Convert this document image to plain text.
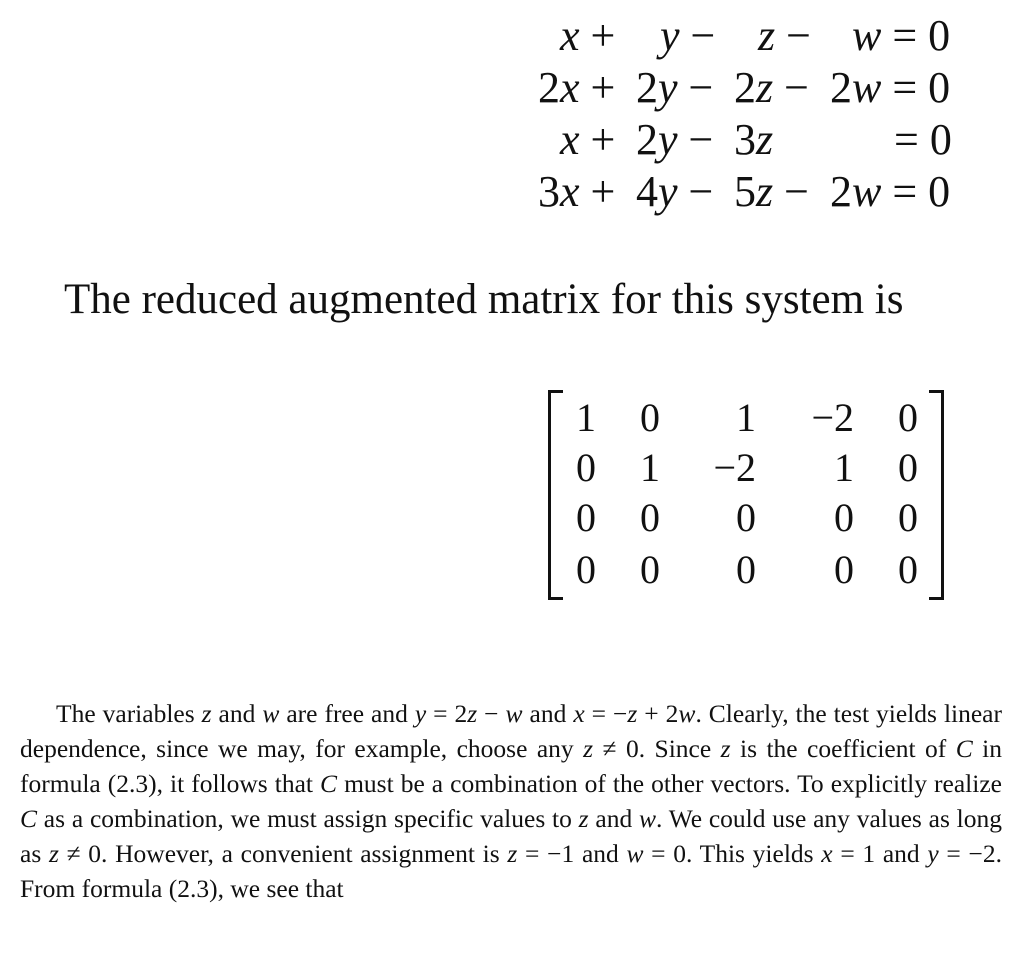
x + y − z − w = 0
2x + 2y − 2z − 2w = 0
x + 2y − 3z	= 0
3x + 4y − 5z − 2w = 0
The reduced augmented matrix for this system is
1	0	1	−2	0
0	1	−2	1	0
0	0	0	0	0
0	0	0	0	0

The variables z and w are free and y = 2z − w and x = −z + 2w. Clearly, the test yields linear dependence, since we may, for example, choose any z ≠ 0. Since z is the coefficient of C in formula (2.3), it follows that C must be a combination of the other vectors. To explicitly realize C as a combination, we must assign specific values to z and w. We could use any values as long as z ≠ 0. However, a convenient assignment is z = −1 and w = 0. This yields x = 1 and y = −2. From formula (2.3), we see that
